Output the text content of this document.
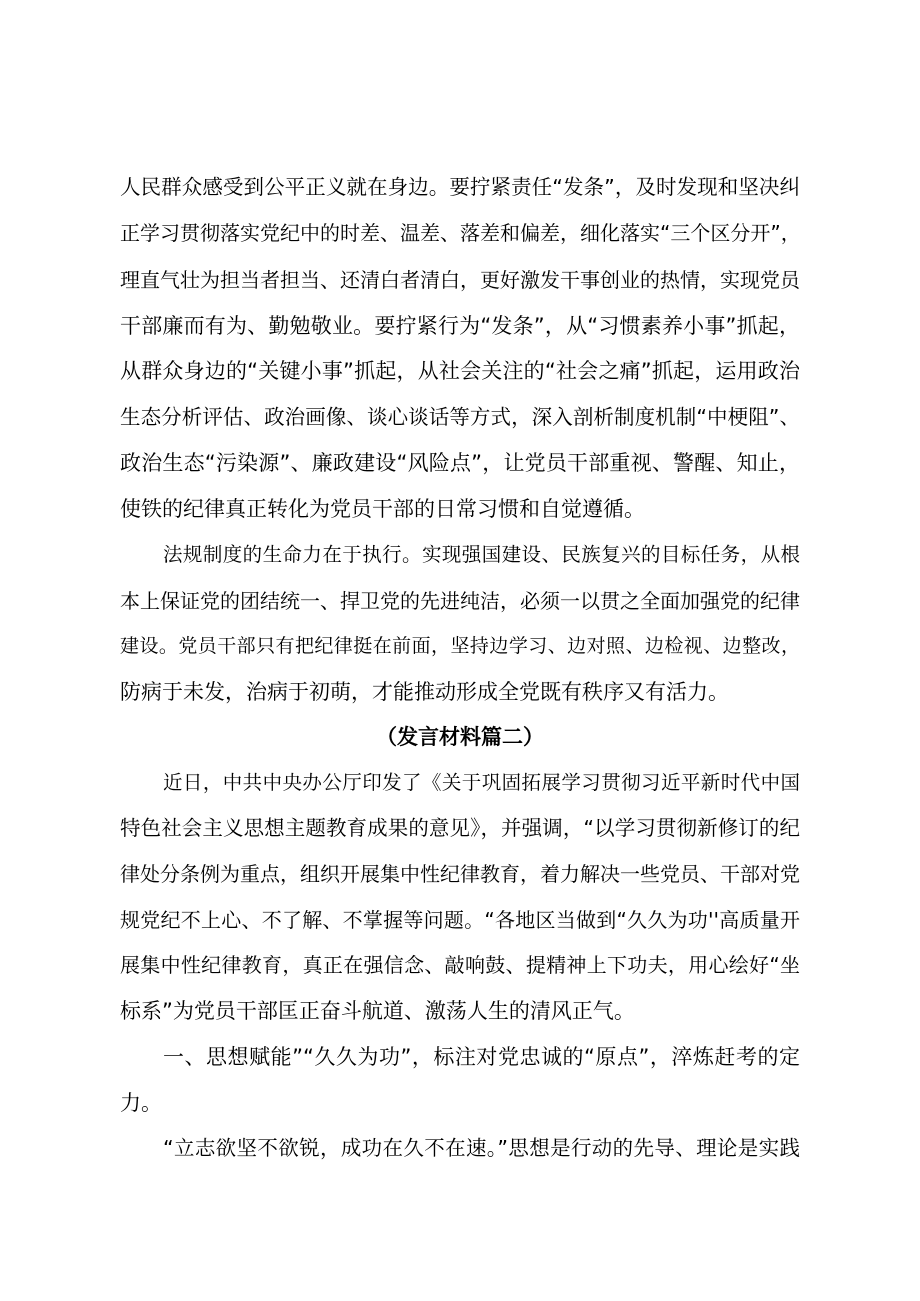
人民群众感受到公平正义就在身边。要拧紧责任“发条”，及时发现和坚决纠
正学习贯彻落实党纪中的时差、温差、落差和偏差，细化落实“三个区分开”，
理直气壮为担当者担当、还清白者清白，更好激发干事创业的热情，实现党员
干部廉而有为、勤勉敬业。要拧紧行为“发条”，从“习惯素养小事”抓起，
从群众身边的“关键小事”抓起，从社会关注的“社会之痛”抓起，运用政治
生态分析评估、政治画像、谈心谈话等方式，深入剖析制度机制“中梗阻”、
政治生态“污染源”、廉政建设“风险点”，让党员干部重视、警醒、知止，
使铁的纪律真正转化为党员干部的日常习惯和自觉遵循。
法规制度的生命力在于执行。实现强国建设、民族复兴的目标任务，从根
本上保证党的团结统一、捍卫党的先进纯洁，必须一以贯之全面加强党的纪律
建设。党员干部只有把纪律挺在前面，坚持边学习、边对照、边检视、边整改，
防病于未发，治病于初萌，才能推动形成全党既有秩序又有活力。
（发言材料篇二）
近日，中共中央办公厅印发了《关于巩固拓展学习贯彻习近平新时代中国
特色社会主义思想主题教育成果的意见》，并强调，“以学习贯彻新修订的纪
律处分条例为重点，组织开展集中性纪律教育，着力解决一些党员、干部对党
规党纪不上心、不了解、不掌握等问题。“各地区当做到“久久为功''高质量开
展集中性纪律教育，真正在强信念、敲响鼓、提精神上下功夫，用心绘好“坐
标系”为党员干部匡正奋斗航道、激荡人生的清风正气。
一、思想赋能”“久久为功”，标注对党忠诚的“原点”，淬炼赶考的定
力。
“立志欲坚不欲锐，成功在久不在速。”思想是行动的先导、理论是实践
